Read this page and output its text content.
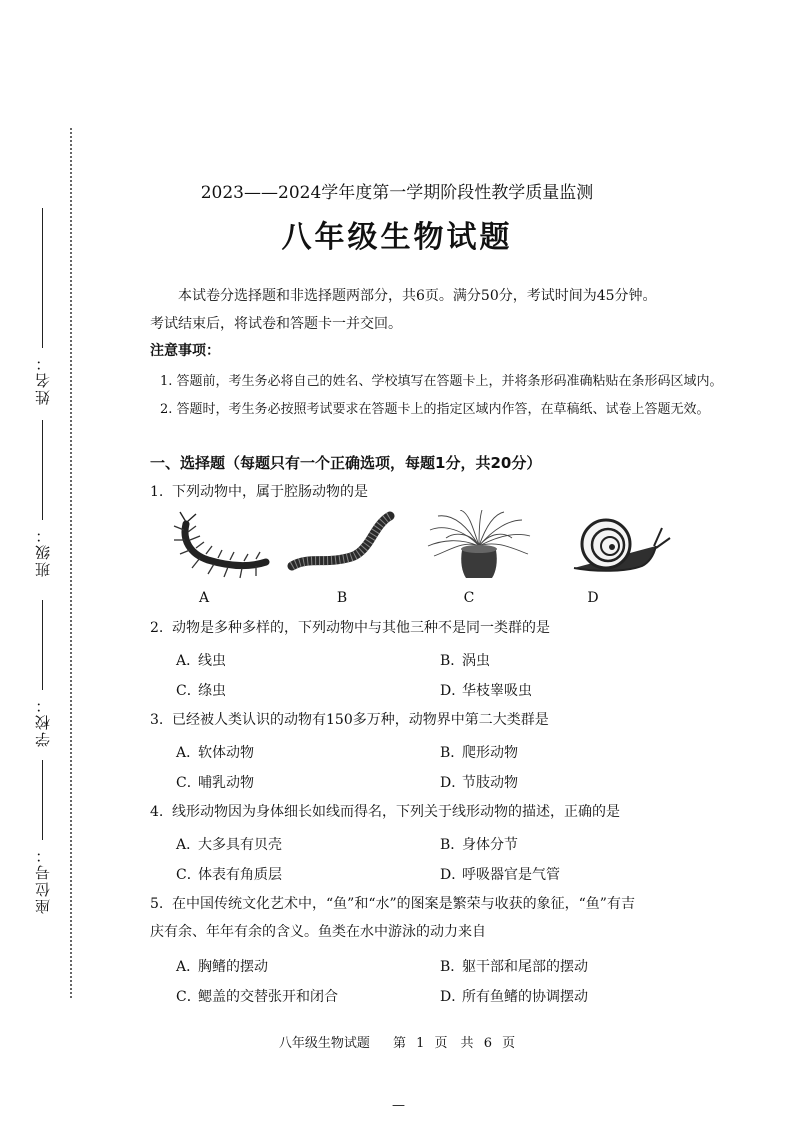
姓名：
班级：
学校：
座位号：
2023——2024学年度第一学期阶段性教学质量监测
八年级生物试题

本试卷分选择题和非选择题两部分，共6页。满分50分，考试时间为45分钟。

考试结束后，将试卷和答题卡一并交回。

注意事项：
1. 答题前，考生务必将自己的姓名、学校填写在答题卡上，并将条形码准确粘贴在条形码区域内。
2. 答题时，考生务必按照考试要求在答题卡上的指定区域内作答，在草稿纸、试卷上答题无效。
一、选择题（每题只有一个正确选项，每题1分，共20分）
1. 下列动物中，属于腔肠动物的是
A	B	C	D
2. 动物是多种多样的，下列动物中与其他三种不是同一类群的是
A．线虫	B．涡虫
C．绦虫	D．华枝睾吸虫
3. 已经被人类认识的动物有150多万种，动物界中第二大类群是
A．软体动物	B．爬形动物
C．哺乳动物	D．节肢动物
4. 线形动物因为身体细长如线而得名，下列关于线形动物的描述，正确的是
A．大多具有贝壳	B．身体分节
C．体表有角质层	D．呼吸器官是气管
5. 在中国传统文化艺术中，“鱼”和“水”的图案是繁荣与收获的象征，“鱼”有吉
庆有余、年年有余的含义。鱼类在水中游泳的动力来自
A．胸鳍的摆动	B．躯干部和尾部的摆动
C．鳃盖的交替张开和闭合	D．所有鱼鳍的协调摆动
八年级生物试题　 第 1 页　共 6 页
—
